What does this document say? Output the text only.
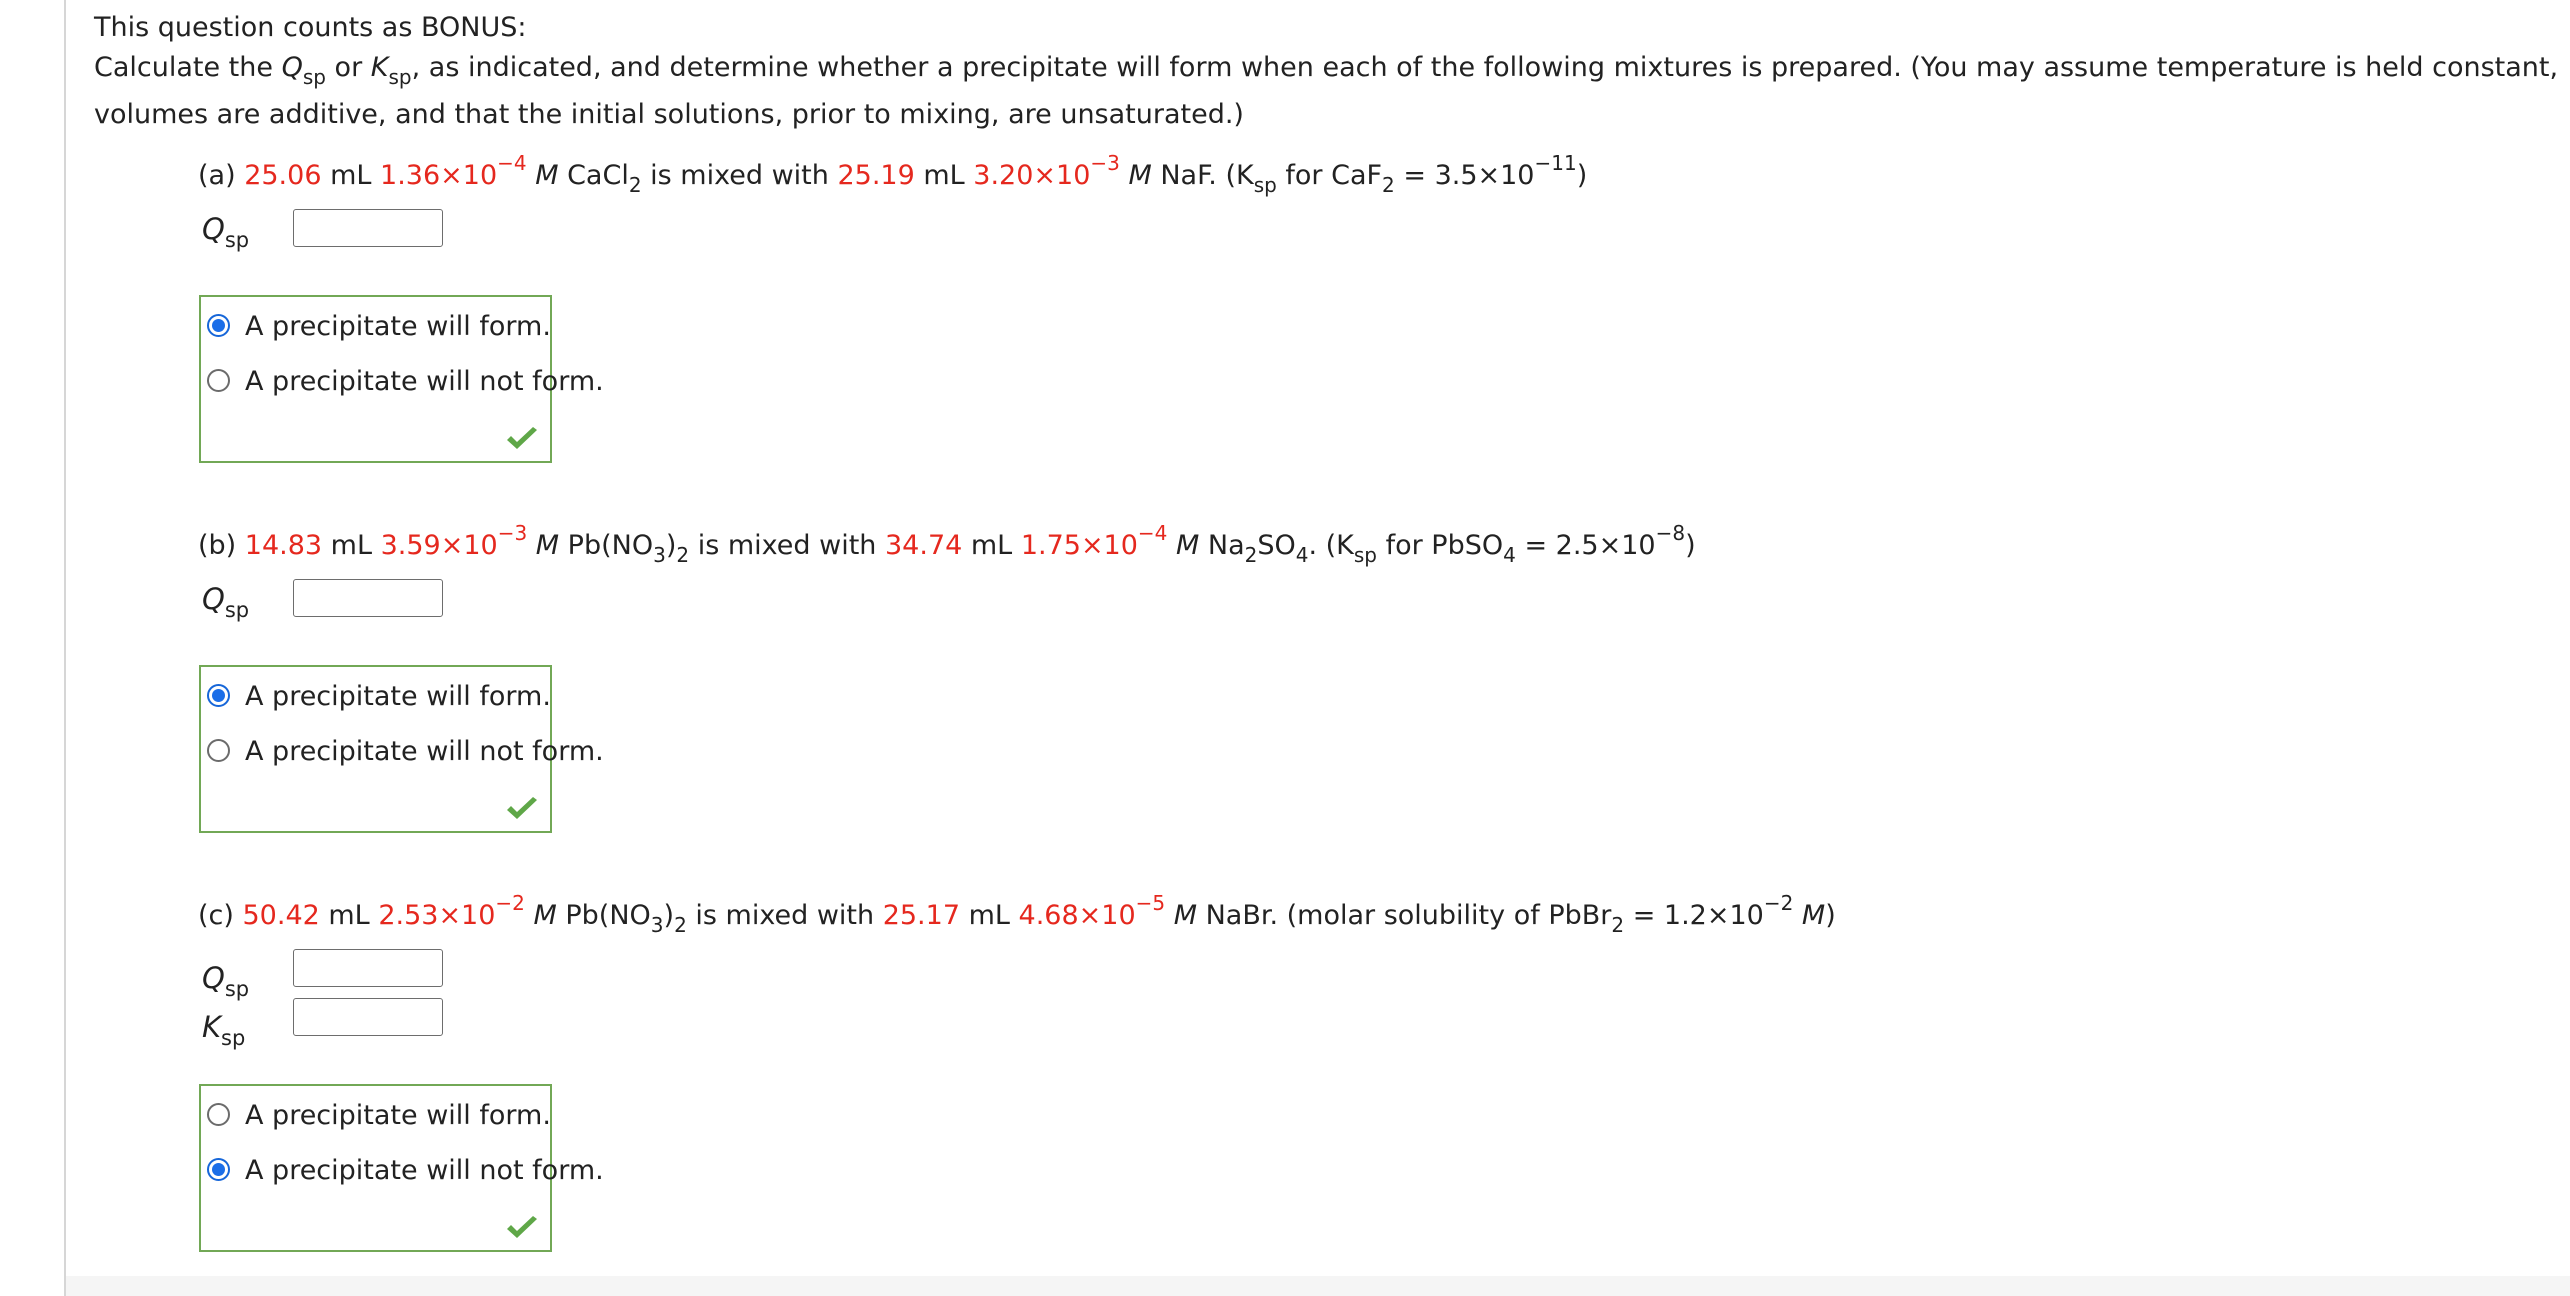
This question counts as BONUS:
Calculate the $Q_{sp}$ or $K_{sp}$, as indicated, and determine whether a precipitate will form when each of the following mixtures is prepared. (You may assume temperature is held constant,
volumes are additive, and that the initial solutions, prior to mixing, are unsaturated.)
(a) 25.06 mL $1.36\times 10^{-4}$ M CaCl$_2$ is mixed with 25.19 mL $3.20\times 10^{-3}$ M NaF. ($K_{sp}$ for $CaF_2 = 3.5\times 10^{-11}$)
$Q_{sp}$
A precipitate will form.
A precipitate will not form.
(b) 14.83 mL $3.59\times 10^{-3}$ M $Pb(NO_3)_2$ is mixed with 34.74 mL $1.75\times 10^{-4}$ M $Na_2SO_4$. ($K_{sp}$ for PbSO$_4$ = $2.5\times 10^{-8}$)
$Q_{sp}$
A precipitate will form.
A precipitate will not form.
(c) 50.42 mL $2.53\times 10^{-2}$ M $Pb(NO_3)_2$ is mixed with 25.17 mL $4.68\times 10^{-5}$ M NaBr. (molar solubility of PbBr$_2$ = $1.2\times 10^{-2}$ M)
$Q_{sp}$
$K_{sp}$
A precipitate will form.
A precipitate will not form.
